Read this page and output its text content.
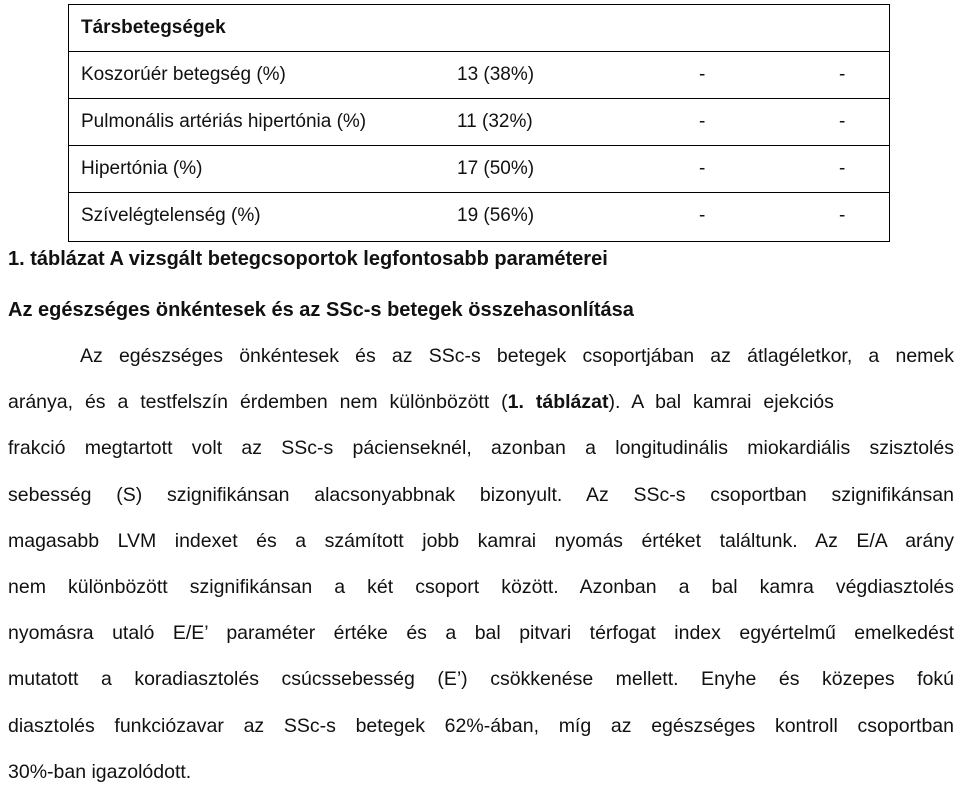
Társbetegségek
Koszorúér betegség (%)	13 (38%)	-	-
Pulmonális artériás hipertónia (%)	11 (32%)	-	-
Hipertónia (%)	17 (50%)	-	-
Szívelégtelenség (%)	19 (56%)	-	-
1. táblázat A vizsgált betegcsoportok legfontosabb paraméterei
Az egészséges önkéntesek és az SSc-s betegek összehasonlítása
Az egészséges önkéntesek és az SSc-s betegek csoportjában az átlagéletkor, a nemek
aránya, és a testfelszín érdemben nem különbözött ( 1. táblázat ). A bal kamrai ejekciós
frakció megtartott volt az SSc-s pácienseknél, azonban a longitudinális miokardiális szisztolés
sebesség (S) szignifikánsan alacsonyabbnak bizonyult. Az SSc-s csoportban szignifikánsan
magasabb LVM indexet és a számított jobb kamrai nyomás értéket találtunk. Az E/A arány
nem különbözött szignifikánsan a két csoport között. Azonban a bal kamra végdiasztolés
nyomásra utaló E/E’ paraméter értéke és a bal pitvari térfogat index egyértelmű emelkedést
mutatott a koradiasztolés csúcssebesség (E’) csökkenése mellett. Enyhe és közepes fokú
diasztolés funkciózavar az SSc-s betegek 62%-ában, míg az egészséges kontroll csoportban
30%-ban igazolódott.
